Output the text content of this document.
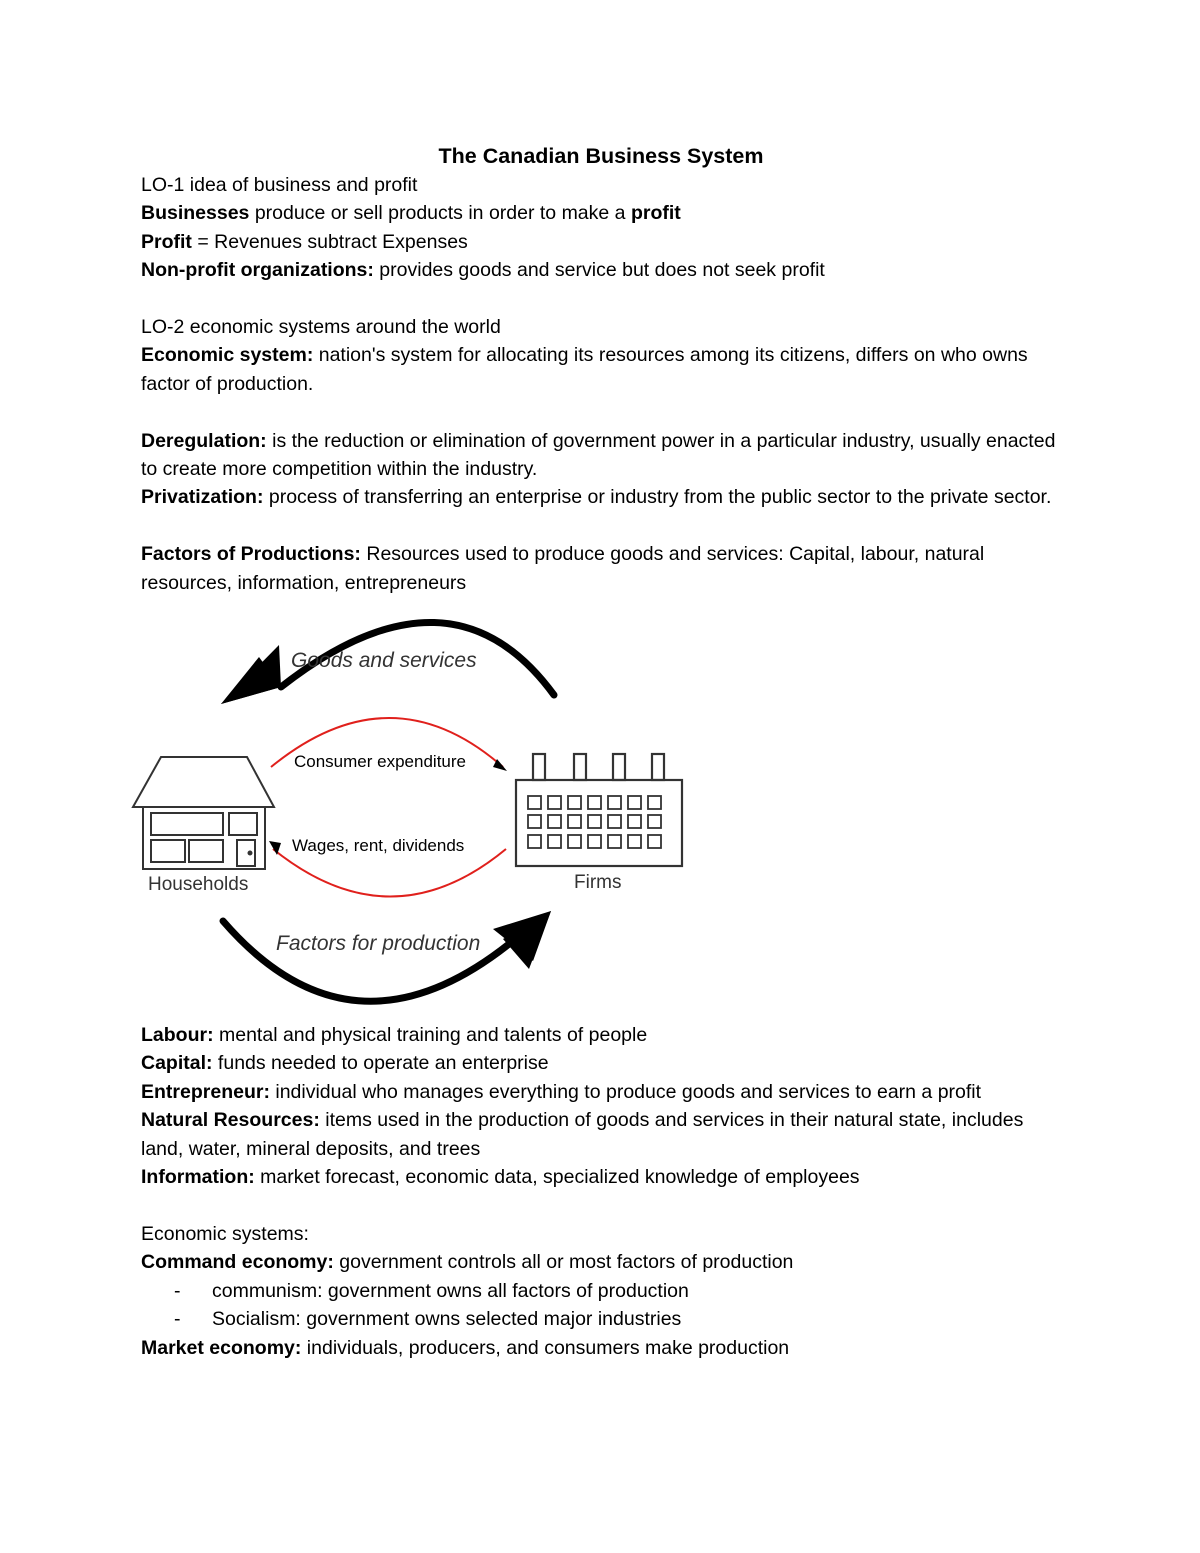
The Canadian Business System

LO-1 idea of business and profit

Businesses produce or sell products in order to make a profit

Profit = Revenues subtract Expenses

Non-profit organizations: provides goods and service but does not seek profit

LO-2 economic systems around the world

Economic system: nation's system for allocating its resources among its citizens, differs on who owns factor of production.

Deregulation: is the reduction or elimination of government power in a particular industry, usually enacted to create more competition within the industry.

Privatization: process of transferring an enterprise or industry from the public sector to the private sector.

Factors of Productions: Resources used to produce goods and services: Capital, labour, natural resources, information, entrepreneurs

Goods and services
Factors for production
Consumer expenditure
Wages, rent, dividends
Households	Firms

Labour: mental and physical training and talents of people

Capital: funds needed to operate an enterprise

Entrepreneur: individual who manages everything to produce goods and services to earn a profit

Natural Resources: items used in the production of goods and services in their natural state, includes land, water, mineral deposits, and trees

Information: market forecast, economic data, specialized knowledge of employees

Economic systems:

Command economy: government controls all or most factors of production

- communism: government owns all factors of production
- Socialism: government owns selected major industries

Market economy: individuals, producers, and consumers make production
